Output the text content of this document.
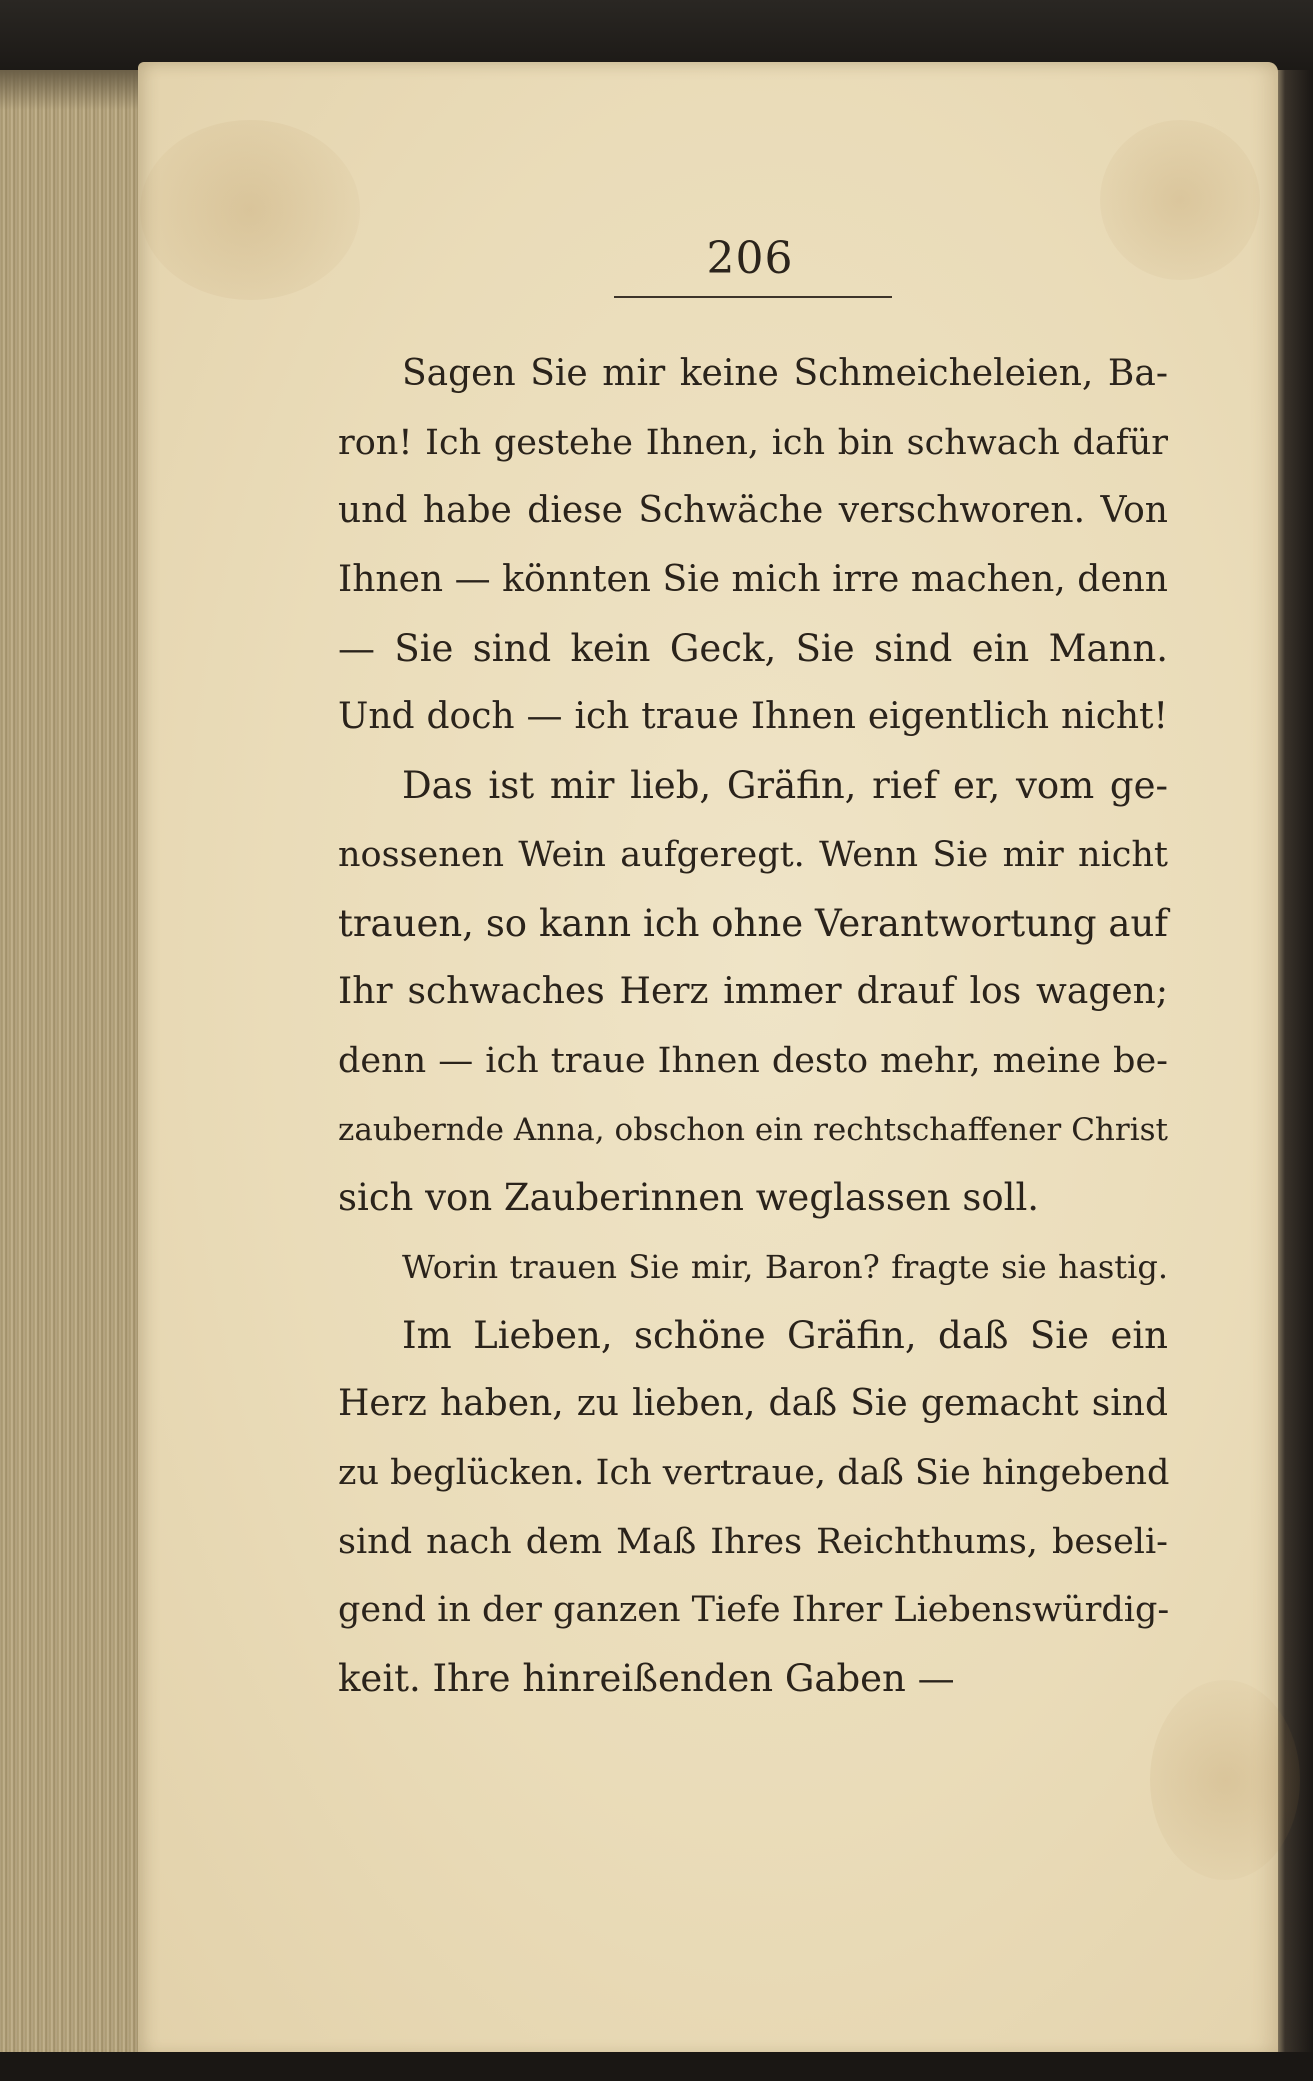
206
Sagen Sie mir keine Schmeicheleien, Ba-
ron! Ich gestehe Ihnen, ich bin schwach dafür
und habe diese Schwäche verschworen. Von
Ihnen — könnten Sie mich irre machen, denn
— Sie sind kein Geck, Sie sind ein Mann.
Und doch — ich traue Ihnen eigentlich nicht!
Das ist mir lieb, Gräfin, rief er, vom ge-
nossenen Wein aufgeregt. Wenn Sie mir nicht
trauen, so kann ich ohne Verantwortung auf
Ihr schwaches Herz immer drauf los wagen;
denn — ich traue Ihnen desto mehr, meine be-
zaubernde Anna, obschon ein rechtschaffener Christ
sich von Zauberinnen weglassen soll.
Worin trauen Sie mir, Baron? fragte sie hastig.
Im Lieben, schöne Gräfin, daß Sie ein
Herz haben, zu lieben, daß Sie gemacht sind
zu beglücken. Ich vertraue, daß Sie hingebend
sind nach dem Maß Ihres Reichthums, beseli-
gend in der ganzen Tiefe Ihrer Liebenswürdig-
keit. Ihre hinreißenden Gaben —
